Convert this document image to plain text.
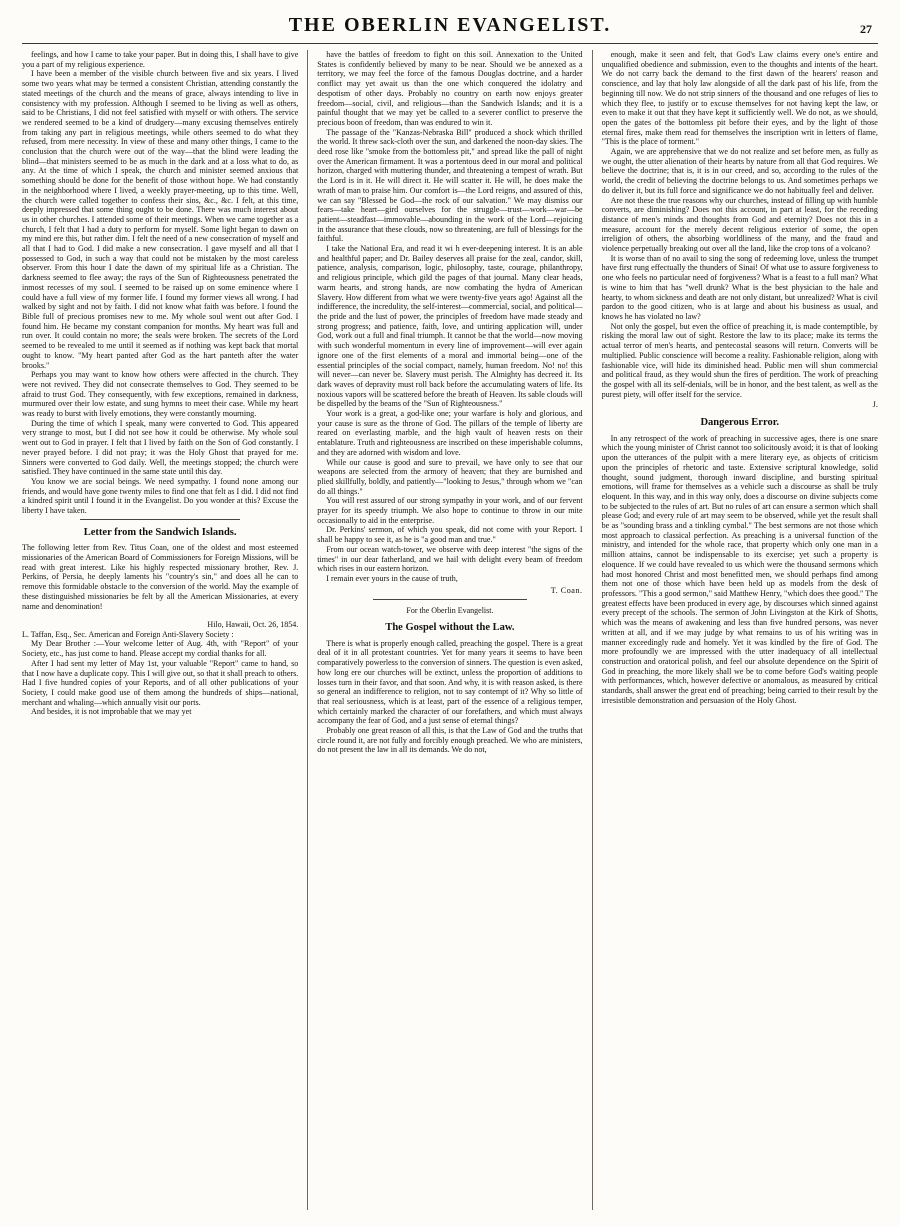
THE OBERLIN EVANGELIST.	27

feelings, and how I came to take your paper. But in doing this, I shall have to give you a part of my religious experience.

I have been a member of the visible church between five and six years. I lived some two years what may be termed a consistent Christian, attending constantly the stated meetings of the church and the means of grace, always intending to live in consistency with my profession. Although I seemed to be living as well as others, said to be Christians, I did not feel satisfied with myself or with others. The service we rendered seemed to be a kind of drudgery—many excusing themselves entirely from taking any part in religious meetings, while others seemed to do what they refused, from mere necessity. In view of these and many other things, I came to the conclusion that the church were out of the way—that the blind were leading the blind—that ministers seemed to be as much in the dark and at a loss what to do, as any. At the time of which I speak, the church and minister seemed anxious that something should be done for the benefit of those without hope. We had constantly in the neighborhood where I lived, a weekly prayer-meeting, up to this time. Well, the church were called together to confess their sins, &c., &c. I felt, at this time, deeply impressed that some thing ought to be done. There was much interest about us in other churches. I attended some of their meetings. When we came together as a church, I felt that I had a duty to perform for myself. Some light began to dawn on my mind ere this, but rather dim. I felt the need of a new consecration of myself and all that I had to God. I did make a new consecration. I gave myself and all that I possessed to God, in such a way that could not be mistaken by the most careless observer. From this hour I date the dawn of my spiritual life as a Christian. The darkness seemed to flee away; the rays of the Sun of Righteousness penetrated the inmost recesses of my soul. I seemed to be raised up on some eminence where I could have a full view of my former life. I found my former views all wrong. I had walked by sight and not by faith. I did not know what faith was before. I found the Bible full of precious promises new to me. My whole soul went out after God. I found him. He became my constant companion for months. My heart was full and run over. It could contain no more; the seals were broken. The secrets of the Lord seemed to be revealed to me until it seemed as if nothing was kept back that mortal ought to know. "My heart panted after God as the hart panteth after the water brooks."

Perhaps you may want to know how others were affected in the church. They were not revived. They did not consecrate themselves to God. They seemed to be afraid to trust God. They consequently, with few exceptions, remained in darkness, murmured over their low estate, and sung hymns to meet their case. While my heart was ready to burst with lively emotions, they were constantly mourning.

During the time of which I speak, many were converted to God. This appeared very strange to most, but I did not see how it could be otherwise. My whole soul went out to God in prayer. I felt that I lived by faith on the Son of God constantly. I never prayed before. I did not pray; it was the Holy Ghost that prayed for me. Sinners were converted to God daily. Well, the meetings stopped; the church were satisfied. They have continued in the same state until this day.

You know we are social beings. We need sympathy. I found none among our friends, and would have gone twenty miles to find one that felt as I did. I did not find a kindred spirit until I found it in the Evangelist. Do you wonder at this? Excuse the liberty I have taken.

Letter from the Sandwich Islands.

The following letter from Rev. Titus Coan, one of the oldest and most esteemed missionaries of the American Board of Commissioners for Foreign Missions, will be read with great interest. Like his highly respected missionary brother, Rev. J. Perkins, of Persia, he deeply laments his "country's sin," and does all he can to remove this formidable obstacle to the conversion of the world. May the example of these distinguished missionaries be felt by all the American Missionaries, at every name and denomination!

Hilo, Hawaii, Oct. 26, 1854.

L. Taffan, Esq., Sec. American and Foreign Anti-Slavery Society :

My Dear Brother :—Your welcome letter of Aug. 4th, with "Report" of your Society, etc., has just come to hand. Please accept my cordial thanks for all.

After I had sent my letter of May 1st, your valuable "Report" came to hand, so that I now have a duplicate copy. This I will give out, so that it shall preach to others. Had I five hundred copies of your Reports, and of all other publications of your Society, I could make good use of them among the hundreds of ships—national, merchant and whaling—which annually visit our ports.

And besides, it is not improbable that we may yet

have the battles of freedom to fight on this soil. Annexation to the United States is confidently believed by many to be near. Should we be annexed as a territory, we may feel the force of the famous Douglas doctrine, and a harder conflict may yet await us than the one which conquered the idolatry and despotism of other days. Probably no country on earth now enjoys greater freedom—social, civil, and religious—than the Sandwich Islands; and it is a painful thought that we may yet be called to a severer conflict to preserve the precious boon of freedom, than was endured to win it.

The passage of the "Kanzas-Nebraska Bill" produced a shock which thrilled the world. It threw sack-cloth over the sun, and darkened the noon-day skies. The deed rose like "smoke from the bottomless pit," and spread like the pall of night over the American firmament. It was a portentous deed in our moral and political horizon, charged with muttering thunder, and threatening a tempest of wrath. But the Lord is in it. He will direct it. He will scatter it. He will, he does make the wrath of man to praise him. Our comfort is—the Lord reigns, and assured of this, we can say "Blessed be God—the rock of our salvation." We may dismiss our fears—take heart—gird ourselves for the struggle—trust—work—war—be patient—steadfast—immovable—abounding in the work of the Lord—rejoicing in the assurance that these clouds, now so threatening, are full of blessings for the faithful.

I take the National Era, and read it wi h ever-deepening interest. It is an able and healthful paper; and Dr. Bailey deserves all praise for the zeal, candor, skill, patience, analysis, comparison, logic, philosophy, taste, courage, philanthropy, and religious principle, which gild the pages of that journal. Many clear heads, warm hearts, and strong hands, are now combating the hydra of American Slavery. How different from what we were twenty-five years ago! Against all the indifference, the incredulity, the self-interest—commercial, social, and political—the pride and the lust of power, the principles of freedom have made steady and strong progress; and patience, faith, love, and untiring application will, under God, work out a full and final triumph. It cannot be that the world—now moving with such wonderful momentum in every line of improvement—will ever again ignore one of the first elements of a moral and immortal being—one of the essential principles of the social compact, namely, human freedom. No! no! this will never—can never be. Slavery must perish. The Almighty has decreed it. Its dark waves of depravity must roll back before the accumulating waters of life. Its noxious vapors will be scattered before the breath of Heaven. Its sable clouds will be dispelled by the beams of the "Sun of Righteousness."

Your work is a great, a god-like one; your warfare is holy and glorious, and your cause is sure as the throne of God. The pillars of the temple of liberty are reared on everlasting marble, and the high vault of heaven rests on their entablature. Truth and righteousness are inscribed on these imperishable columns, and they are adorned with wisdom and love.

While our cause is good and sure to prevail, we have only to see that our weapons are selected from the armory of heaven; that they are burnished and plied skillfully, boldly, and patiently—"looking to Jesus," through whom we "can do all things."

You will rest assured of our strong sympathy in your work, and of our fervent prayer for its speedy triumph. We also hope to continue to throw in our mite occasionally to aid in the enterprise.

Dr. Perkins' sermon, of which you speak, did not come with your Report. I shall be happy to see it, as he is "a good man and true."

From our ocean watch-tower, we observe with deep interest "the signs of the times" in our dear fatherland, and we hail with delight every beam of freedom which rises in our eastern horizon.

I remain ever yours in the cause of truth,

T. Coan.

For the Oberlin Evangelist.

The Gospel without the Law.

There is what is properly enough called, preaching the gospel. There is a great deal of it in all protestant countries. Yet for many years it seems to have been comparatively powerless to the conversion of sinners. The question is even asked, how long ere our churches will be extinct, unless the proportion of additions to losses turn in their favor, and that soon. And why, it is with reason asked, is there so general an indifference to religion, not to say contempt of it? Why so little of that real seriousness, which is at least, part of the essence of a religious temper, which certainly marked the character of our forefathers, and which must always accompany the fear of God, and a just sense of eternal things?

Probably one great reason of all this, is that the Law of God and the truths that circle round it, are not fully and forcibly enough preached. We who are ministers, do not present the law in all its demands. We do not,

enough, make it seen and felt, that God's Law claims every one's entire and unqualified obedience and submission, even to the thoughts and intents of the heart. We do not carry back the demand to the first dawn of the hearers' reason and conscience, and lay that holy law alongside of all the dark past of his life, from the beginning till now. We do not strip sinners of the thousand and one refuges of lies to which they flee, to justify or to excuse themselves for not having kept the law, or even to make it out that they have kept it sufficiently well. We do not, as we should, open the gates of the bottomless pit before their eyes, and by the light of those eternal fires, make them read for themselves the inscription writ in letters of flame, "This is the place of torment."

Again, we are apprehensive that we do not realize and set before men, as fully as we ought, the utter alienation of their hearts by nature from all that God requires. We believe the doctrine; that is, it is in our creed, and so, according to the rules of the world, the credit of believing the doctrine belongs to us. And sometimes perhaps we do deliver it, but its full force and significance we do not habitually feel and deliver.

Are not these the true reasons why our churches, instead of filling up with humble converts, are diminishing? Does not this account, in part at least, for the receding distance of men's minds and thoughts from God and eternity? Does not this in a measure, account for the merely decent religious exterior of some, the open irreligion of others, the absorbing worldliness of the many, and the fraud and violence perpetually breaking out over all the land, like the crop tons of a volcano?

It is worse than of no avail to sing the song of redeeming love, unless the trumpet have first rung effectually the thunders of Sinai! Of what use to assure forgiveness to one who feels no particular need of forgiveness? What is a feast to a full man? What is wine to him that has "well drunk? What is the best physician to the hale and hearty, to whom sickness and death are not only distant, but unrealized? What is civil pardon to the good citizen, who is at large and about his business as usual, and knows he has violated no law?

Not only the gospel, but even the office of preaching it, is made contemptible, by risking the moral law out of sight. Restore the law to its place; make its terms the actual terror of men's hearts, and pentecostal seasons will return. Converts will be multiplied. Public conscience will become a reality. Fashionable religion, along with fashionable vice, will hide its diminished head. Public men will shun commercial and political fraud, as they would shun the fires of perdition. The work of preaching the gospel with all its self-denials, will be in honor, and the best talent, as well as the purest piety, will offer itself for the service.

J.

Dangerous Error.

In any retrospect of the work of preaching in successive ages, there is one snare which the young minister of Christ cannot too solicitously avoid; it is that of looking upon the utterances of the pulpit with a mere literary eye, as objects of criticism upon the principles of rhetoric and taste. Extensive scriptural knowledge, solid thought, sound judgment, thorough inward discipline, and bursting spiritual emotions, will frame for themselves as a vehicle such a discourse as shall be truly eloquent. In this way, and in this way only, does a discourse on divine subjects come to be subjected to the rules of art. But no rules of art can ensure a sermon which shall please God; and every rule of art may seem to be observed, while yet the result shall be as "sounding brass and a tinkling cymbal." The best sermons are not those which most approach to classical perfection. As preaching is a universal function of the ministry, and intended for the whole race, that property which only one man in a million attains, cannot be indispensable to its exercise; yet such a property is eloquence. If we could have revealed to us which were the thousand sermons which had most honored Christ and most benefitted men, we should perhaps find among them not one of those which have been held up as models from the desk of professors. "This a good sermon," said Matthew Henry, "which does thee good." The greatest effects have been produced in every age, by discourses which sinned against every precept of the schools. The sermon of John Livingston at the Kirk of Shotts, which was the means of awakening and less than five hundred persons, was never written at all, and if we may judge by what remains to us of his writing was in manner exceedingly rude and homely. Yet it was kindled by the fire of God. The more profoundly we are impressed with the utter inadequacy of all intellectual construction and oratorical polish, and feel our absolute dependence on the Spirit of God in preaching, the more likely shall we be to come before God's waiting people with performances, which, however defective or anomalous, as measured by critical standards, shall answer the great end of preaching; being carried to their result by the irresistible demonstration and persuasion of the Holy Ghost.
